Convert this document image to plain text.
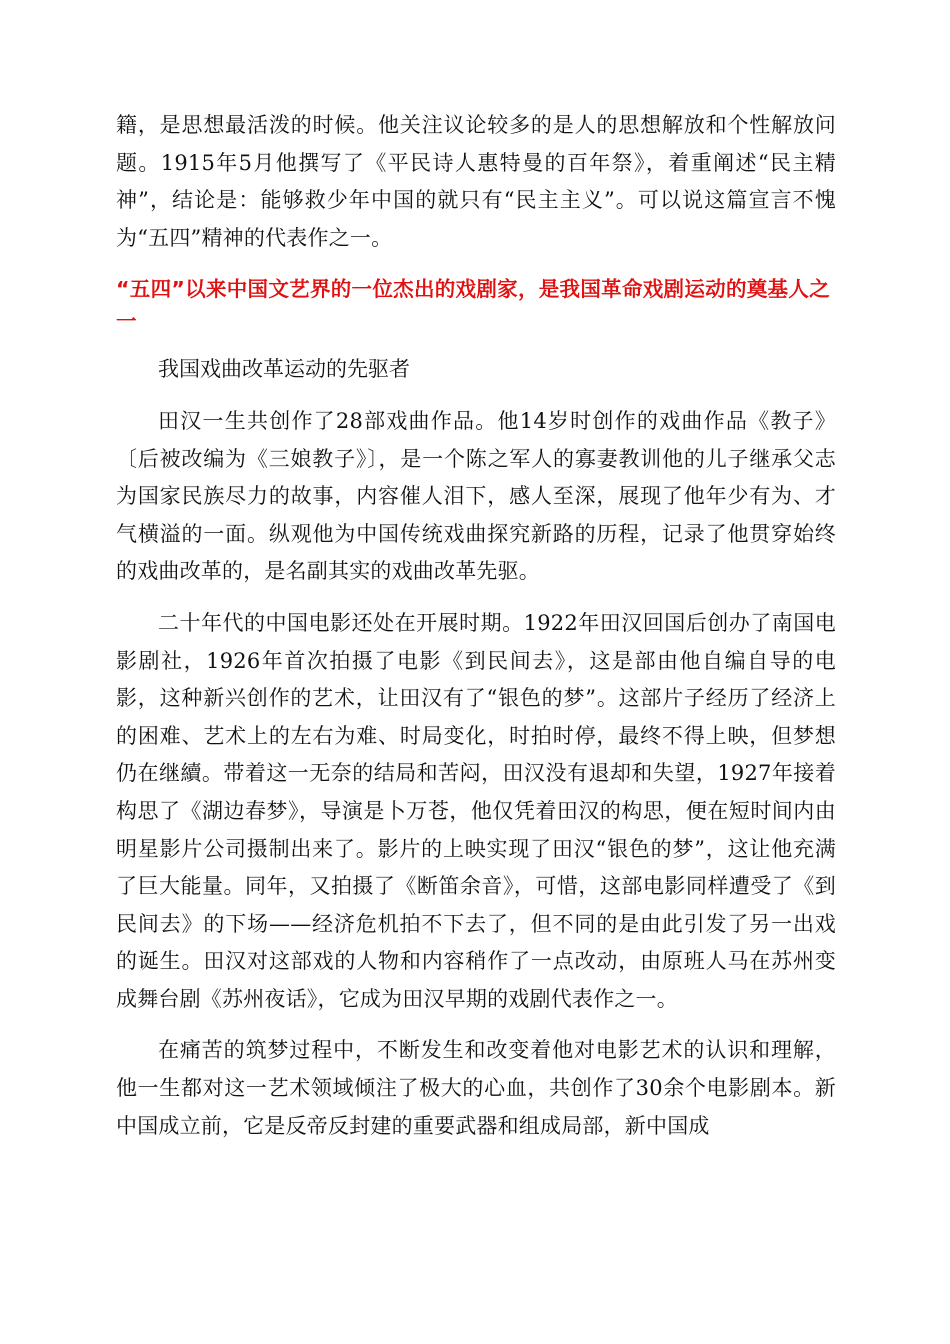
籍，是思想最活泼的时候。他关注议论较多的是人的思想解放和个性解放问题。1915年5月他撰写了《平民诗人惠特曼的百年祭》，着重阐述“民主精神”，结论是：能够救少年中国的就只有“民主主义”。可以说这篇宣言不愧为“五四”精神的代表作之一。

“五四”以来中国文艺界的一位杰出的戏剧家，是我国革命戏剧运动的奠基人之一

我国戏曲改革运动的先驱者

田汉一生共创作了28部戏曲作品。他14岁时创作的戏曲作品《教子》〔后被改编为《三娘教子》〕，是一个陈之军人的寡妻教训他的儿子继承父志为国家民族尽力的故事，内容催人泪下，感人至深，展现了他年少有为、才气横溢的一面。纵观他为中国传统戏曲探究新路的历程，记录了他贯穿始终的戏曲改革的，是名副其实的戏曲改革先驱。

二十年代的中国电影还处在开展时期。1922年田汉回国后创办了南国电影剧社，1926年首次拍摄了电影《到民间去》，这是部由他自编自导的电影，这种新兴创作的艺术，让田汉有了“银色的梦”。这部片子经历了经济上的困难、艺术上的左右为难、时局变化，时拍时停，最终不得上映，但梦想仍在继續。带着这一无奈的结局和苦闷，田汉没有退却和失望，1927年接着构思了《湖边春梦》，导演是卜万苍，他仅凭着田汉的构思，便在短时间内由明星影片公司摄制出来了。影片的上映实现了田汉“银色的梦”，这让他充满了巨大能量。同年，又拍摄了《断笛余音》，可惜，这部电影同样遭受了《到民间去》的下场——经济危机拍不下去了，但不同的是由此引发了另一出戏的诞生。田汉对这部戏的人物和内容稍作了一点改动，由原班人马在苏州变成舞台剧《苏州夜话》，它成为田汉早期的戏剧代表作之一。

在痛苦的筑梦过程中，不断发生和改变着他对电影艺术的认识和理解，他一生都对这一艺术领域倾注了极大的心血，共创作了30余个电影剧本。新中国成立前，它是反帝反封建的重要武器和组成局部，新中国成
